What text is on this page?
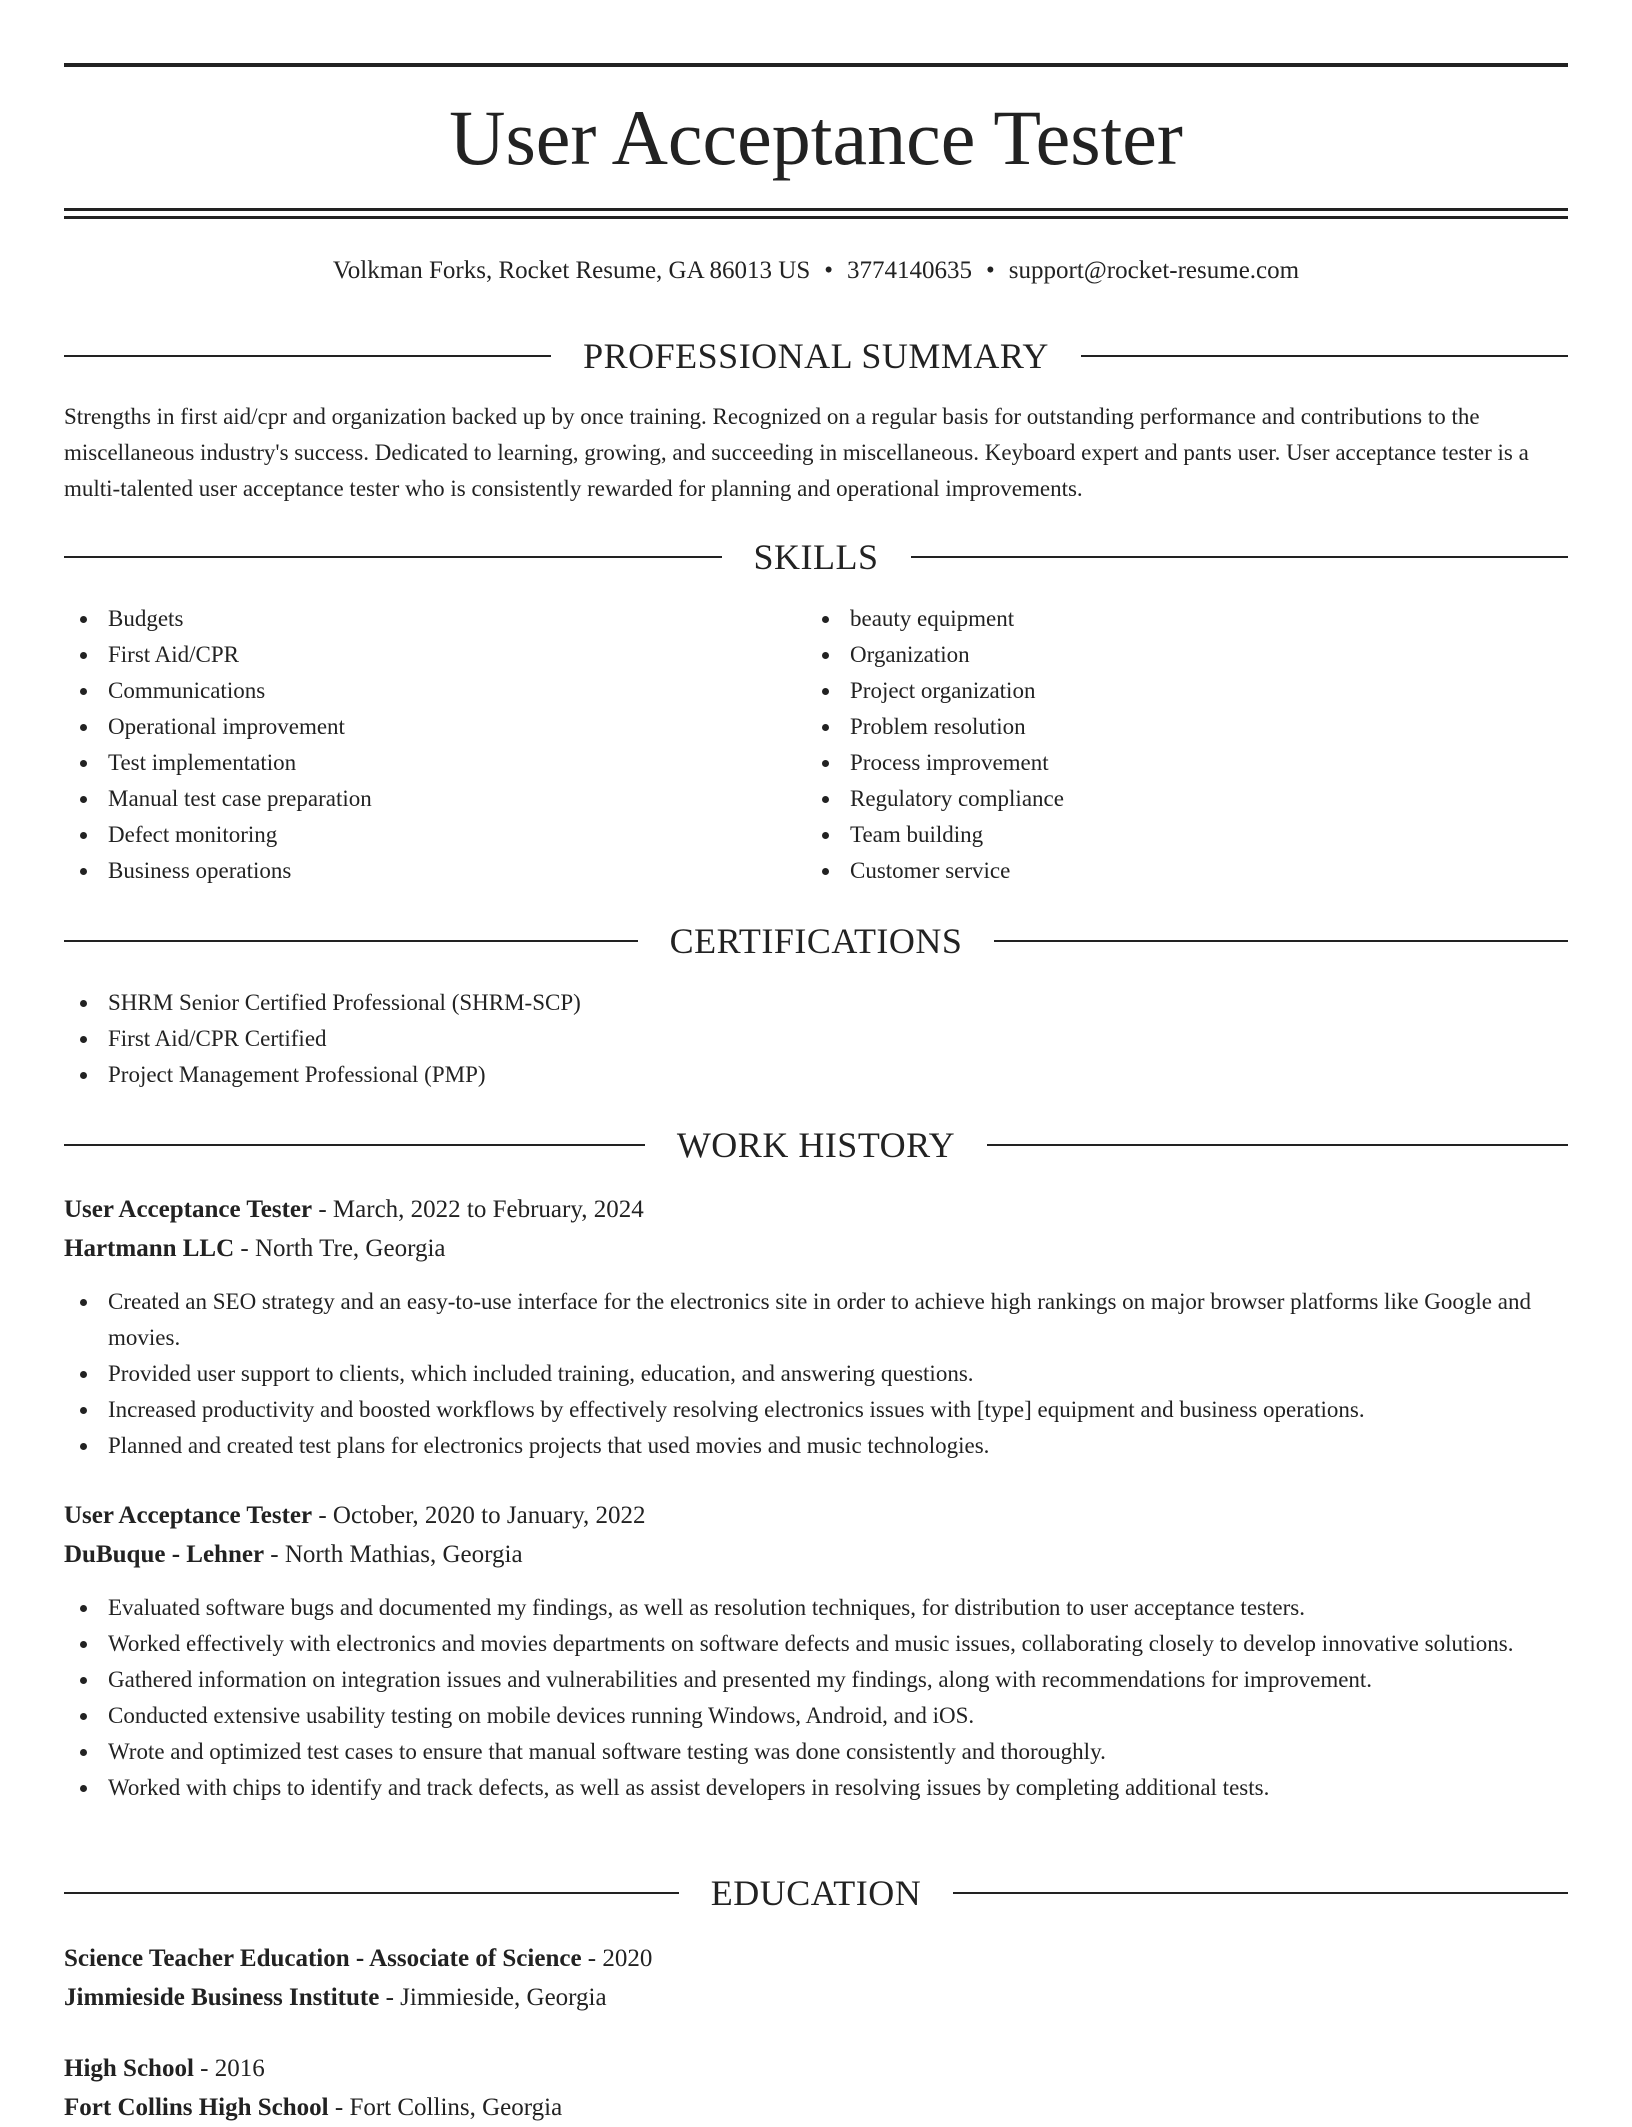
User Acceptance Tester
Volkman Forks, Rocket Resume, GA 86013 US • 3774140635 • support@rocket-resume.com
PROFESSIONAL SUMMARY

Strengths in first aid/cpr and organization backed up by once training. Recognized on a regular basis for outstanding performance and contributions to the miscellaneous industry's success. Dedicated to learning, growing, and succeeding in miscellaneous. Keyboard expert and pants user. User acceptance tester is a multi-talented user acceptance tester who is consistently rewarded for planning and operational improvements.

SKILLS
Budgets
First Aid/CPR
Communications
Operational improvement
Test implementation
Manual test case preparation
Defect monitoring
Business operations
beauty equipment
Organization
Project organization
Problem resolution
Process improvement
Regulatory compliance
Team building
Customer service
CERTIFICATIONS
SHRM Senior Certified Professional (SHRM-SCP)
First Aid/CPR Certified
Project Management Professional (PMP)
WORK HISTORY
User Acceptance Tester - March, 2022 to February, 2024
Hartmann LLC - North Tre, Georgia
Created an SEO strategy and an easy-to-use interface for the electronics site in order to achieve high rankings on major browser platforms like Google and movies.
Provided user support to clients, which included training, education, and answering questions.
Increased productivity and boosted workflows by effectively resolving electronics issues with [type] equipment and business operations.
Planned and created test plans for electronics projects that used movies and music technologies.
User Acceptance Tester - October, 2020 to January, 2022
DuBuque - Lehner - North Mathias, Georgia
Evaluated software bugs and documented my findings, as well as resolution techniques, for distribution to user acceptance testers.
Worked effectively with electronics and movies departments on software defects and music issues, collaborating closely to develop innovative solutions.
Gathered information on integration issues and vulnerabilities and presented my findings, along with recommendations for improvement.
Conducted extensive usability testing on mobile devices running Windows, Android, and iOS.
Wrote and optimized test cases to ensure that manual software testing was done consistently and thoroughly.
Worked with chips to identify and track defects, as well as assist developers in resolving issues by completing additional tests.
EDUCATION
Science Teacher Education - Associate of Science - 2020
Jimmieside Business Institute - Jimmieside, Georgia
High School - 2016
Fort Collins High School - Fort Collins, Georgia
